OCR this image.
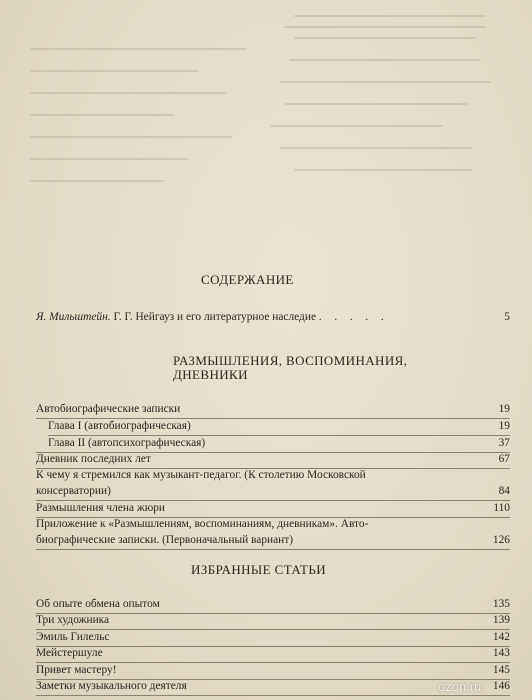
СОДЕРЖАНИЕ
Я. Мильштейн. Г. Г. Нейгауз и его литературное наследие . . . . .	5
РАЗМЫШЛЕНИЯ, ВОСПОМИНАНИЯ,
ДНЕВНИКИ
Автобиографические записки	19
Глава I (автобиографическая)	19
Глава II (автопсихографическая)	37
Дневник последних лет	67
К чему я стремился как музыкант-педагог. (К столетию Московской
консерватории)	84
Размышления члена жюри	110
Приложение к «Размышлениям, воспоминаниям, дневникам». Авто-
биографические записки. (Первоначальный вариант)	126
ИЗБРАННЫЕ СТАТЬИ
Об опыте обмена опытом	135
Три художника	139
Эмиль Гилельс	142
Мейстершуле	143
Привет мастеру!	145
Заметки музыкального деятеля	146
ozon.ru
